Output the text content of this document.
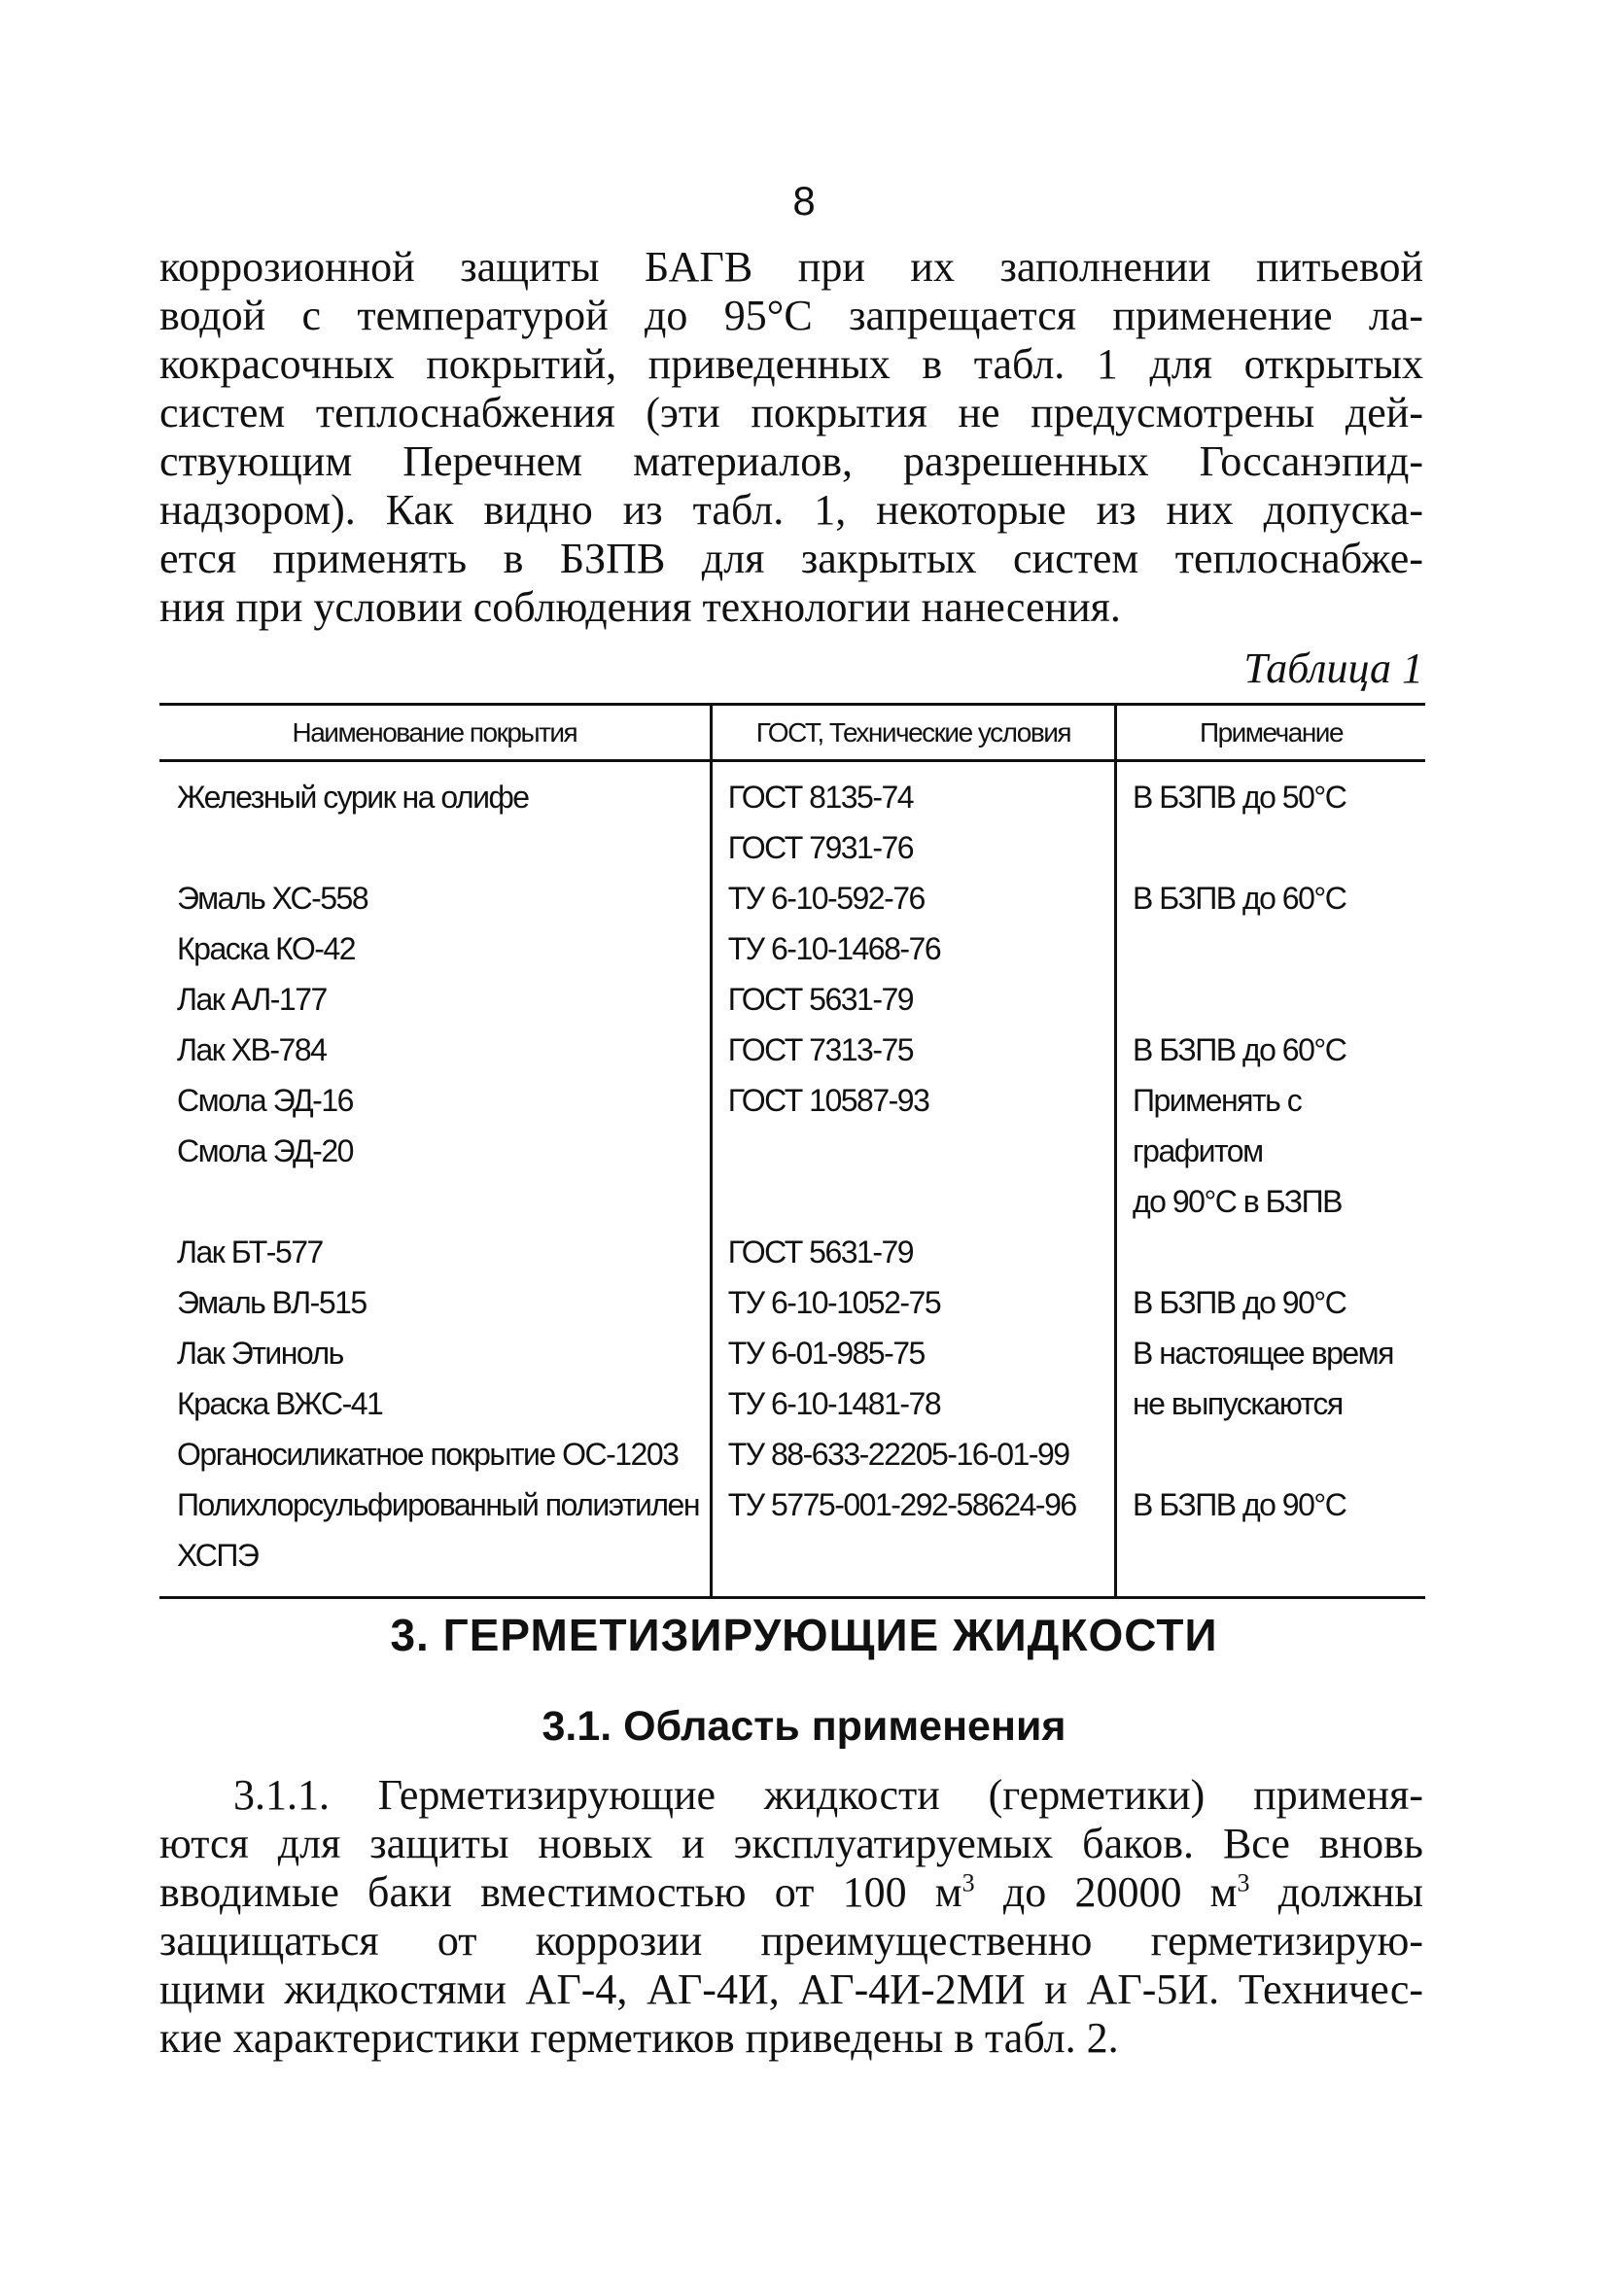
8
коррозионной защиты БАГВ при их заполнении питьевой
водой с температурой до 95°С запрещается применение ла-
кокрасочных покрытий, приведенных в табл. 1 для открытых
систем теплоснабжения (эти покрытия не предусмотрены дей-
ствующим Перечнем материалов, разрешенных Госсанэпид-
надзором). Как видно из табл. 1, некоторые из них допуска-
ется применять в БЗПВ для закрытых систем теплоснабже-
ния при условии соблюдения технологии нанесения.
Таблица 1
Наименование покрытия	ГОСТ, Технические условия	Примечание
Железный сурик на олифе	ГОСТ 8135-74	В БЗПВ до 50°С
	ГОСТ 7931-76	
Эмаль ХС-558	ТУ 6-10-592-76	В БЗПВ до 60°С
Краска КО-42	ТУ 6-10-1468-76	
Лак АЛ-177	ГОСТ 5631-79	
Лак ХВ-784	ГОСТ 7313-75	В БЗПВ до 60°С
Смола ЭД-16	ГОСТ 10587-93	Применять с
Смола ЭД-20		графитом
		до 90°С в БЗПВ
Лак БТ-577	ГОСТ 5631-79	
Эмаль ВЛ-515	ТУ 6-10-1052-75	В БЗПВ до 90°С
Лак Этиноль	ТУ 6-01-985-75	В настоящее время
Краска ВЖС-41	ТУ 6-10-1481-78	не выпускаются
Органосиликатное покрытие ОС-1203	ТУ 88-633-22205-16-01-99	
Полихлорсульфированный полиэтилен	ТУ 5775-001-292-58624-96	В БЗПВ до 90°С
ХСПЭ		
3. ГЕРМЕТИЗИРУЮЩИЕ ЖИДКОСТИ
3.1. Область применения
3.1.1. Герметизирующие жидкости (герметики) применя-
ются для защиты новых и эксплуатируемых баков. Все вновь
вводимые баки вместимостью от 100 $м^3$ до 20000 $м^3$ должны
защищаться от коррозии преимущественно герметизирую-
щими жидкостями АГ-4, АГ-4И, АГ-4И-2МИ и АГ-5И. Техничес-
кие характеристики герметиков приведены в табл. 2.
